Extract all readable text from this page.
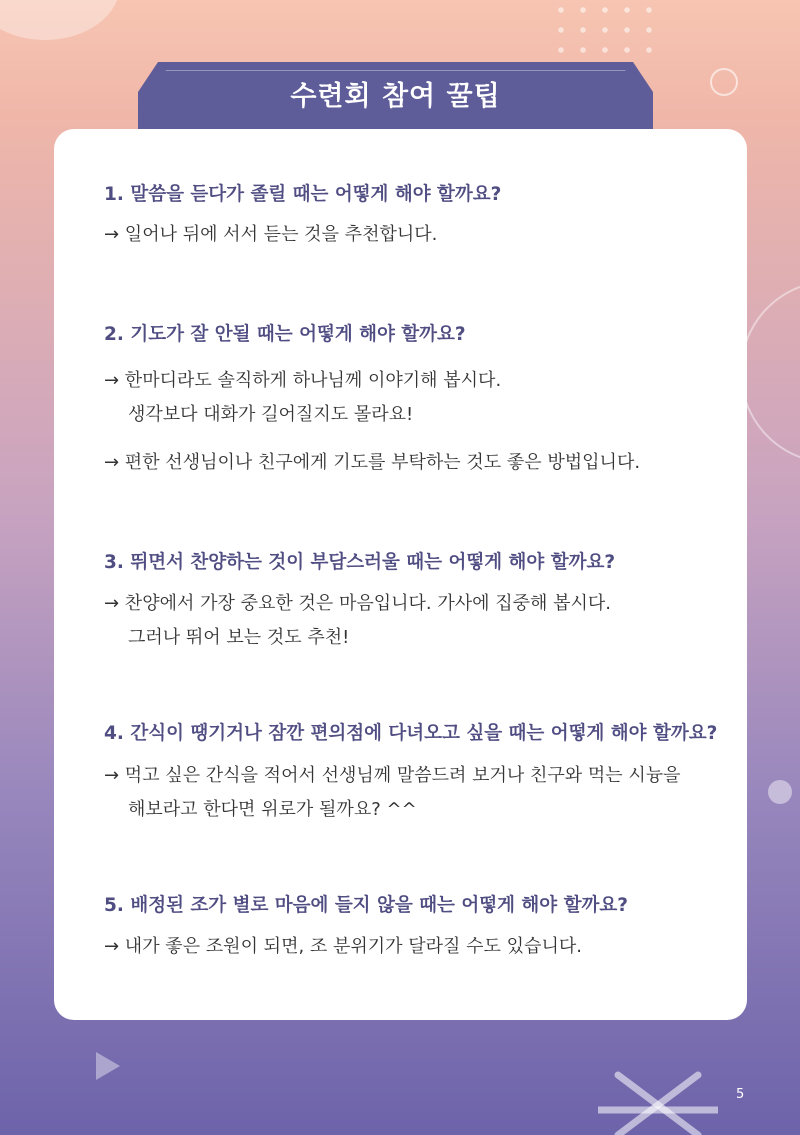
수련회 참여 꿀팁
1. 말씀을 듣다가 졸릴 때는 어떻게 해야 할까요?
→ 일어나 뒤에 서서 듣는 것을 추천합니다.
2. 기도가 잘 안될 때는 어떻게 해야 할까요?
→ 한마디라도 솔직하게 하나님께 이야기해 봅시다.
생각보다 대화가 길어질지도 몰라요!
→ 편한 선생님이나 친구에게 기도를 부탁하는 것도 좋은 방법입니다.
3. 뛰면서 찬양하는 것이 부담스러울 때는 어떻게 해야 할까요?
→ 찬양에서 가장 중요한 것은 마음입니다. 가사에 집중해 봅시다.
그러나 뛰어 보는 것도 추천!
4. 간식이 땡기거나 잠깐 편의점에 다녀오고 싶을 때는 어떻게 해야 할까요?
→ 먹고 싶은 간식을 적어서 선생님께 말씀드려 보거나 친구와 먹는 시늉을
해보라고 한다면 위로가 될까요? ^^
5. 배정된 조가 별로 마음에 들지 않을 때는 어떻게 해야 할까요?
→ 내가 좋은 조원이 되면, 조 분위기가 달라질 수도 있습니다.
5
